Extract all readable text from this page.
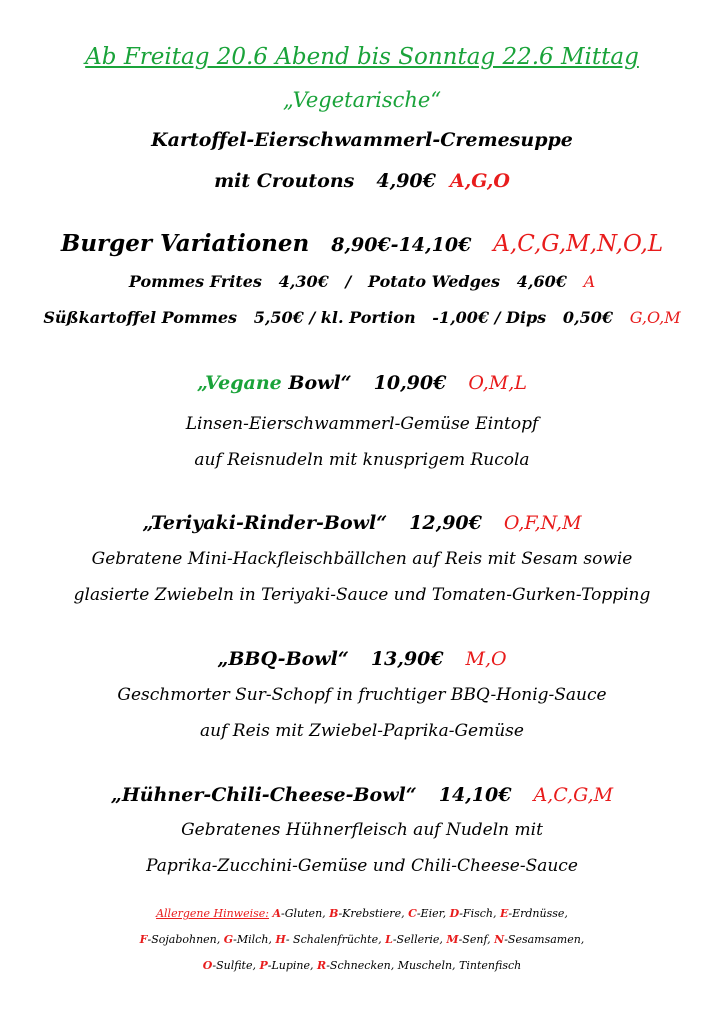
Ab Freitag 20.6 Abend bis Sonntag 22.6 Mittag
„Vegetarische“
Kartoffel-Eierschwammerl-Cremesuppe
mit Croutons 4,90€ A,G,O
Burger Variationen 8,90€-14,10€ A,C,G,M,N,O,L
Pommes Frites   4,30€   /   Potato Wedges   4,60€ A
Süßkartoffel Pommes   5,50€ / kl. Portion   -1,00€ / Dips   0,50€ G,O,M
„Vegane Bowl“ 10,90€ O,M,L
Linsen-Eierschwammerl-Gemüse Eintopf
auf Reisnudeln mit knusprigem Rucola
„Teriyaki-Rinder-Bowl“ 12,90€ O,F,N,M
Gebratene Mini-Hackfleischbällchen auf Reis mit Sesam sowie
glasierte Zwiebeln in Teriyaki-Sauce und Tomaten-Gurken-Topping
„BBQ-Bowl“ 13,90€ M,O
Geschmorter Sur-Schopf in fruchtiger BBQ-Honig-Sauce
auf Reis mit Zwiebel-Paprika-Gemüse
„Hühner-Chili-Cheese-Bowl“ 14,10€ A,C,G,M
Gebratenes Hühnerfleisch auf Nudeln mit
Paprika-Zucchini-Gemüse und Chili-Cheese-Sauce
Allergene Hinweise: A-Gluten, B-Krebstiere, C-Eier, D-Fisch, E-Erdnüsse,
F-Sojabohnen, G-Milch, H- Schalenfrüchte, L-Sellerie, M-Senf, N-Sesamsamen,
O-Sulfite, P-Lupine, R-Schnecken, Muscheln, Tintenfisch
